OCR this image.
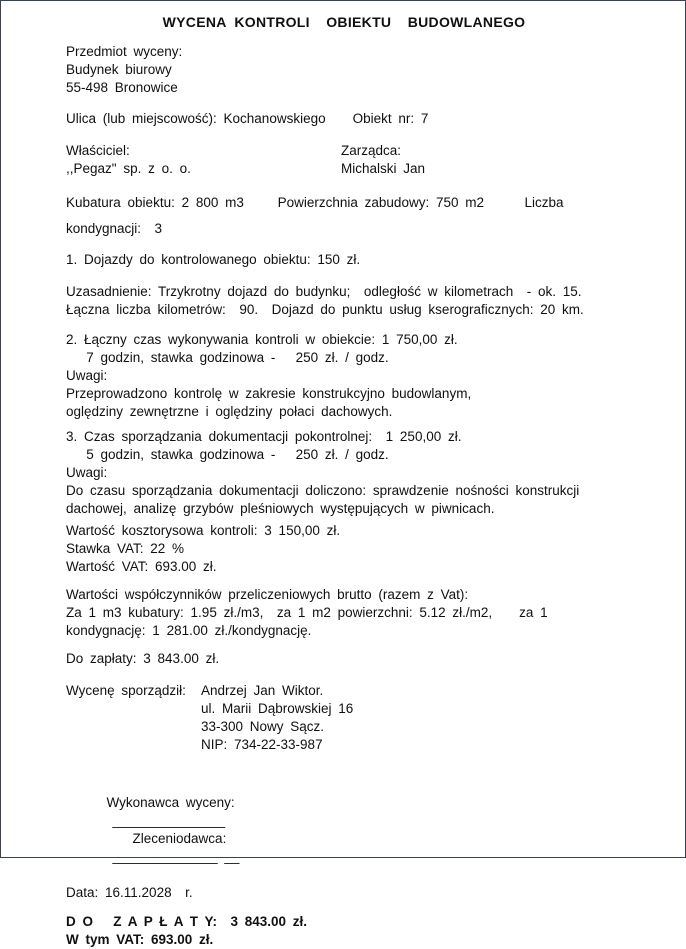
WYCENA KONTROLI  OBIEKTU  BUDOWLANEGO
Przedmiot wyceny:
Budynek biurowy
55-498 Bronowice
Ulica (lub miejscowość): Kochanowskiego    Obiekt nr: 7
Właściciel:
,,Pegaz" sp. z o. o.
Zarządca:
Michalski Jan
Kubatura obiektu: 2 800 m3     Powierzchnia zabudowy: 750 m2      Liczba
kondygnacji:  3
1. Dojazdy do kontrolowanego obiektu: 150 zł.
Uzasadnienie: Trzykrotny dojazd do budynku;  odległość w kilometrach  - ok. 15.
Łączna liczba kilometrów:  90.  Dojazd do punktu usług kserograficznych: 20 km.
2. Łączny czas wykonywania kontroli w obiekcie: 1 750,00 zł.
7 godzin, stawka godzinowa -   250 zł. / godz.
Uwagi:
Przeprowadzono kontrolę w zakresie konstrukcyjno budowlanym,
oględziny zewnętrzne i oględziny połaci dachowych.
3. Czas sporządzania dokumentacji pokontrolnej:  1 250,00 zł.
5 godzin, stawka godzinowa -   250 zł. / godz.
Uwagi:
Do czasu sporządzania dokumentacji doliczono: sprawdzenie nośności konstrukcji
dachowej, analizę grzybów pleśniowych występujących w piwnicach.
Wartość kosztorysowa kontroli: 3 150,00 zł.
Stawka VAT: 22 %
Wartość VAT: 693.00 zł.
Wartości współczynników przeliczeniowych brutto (razem z Vat):
Za 1 m3 kubatury: 1.95 zł./m3,  za 1 m2 powierzchni: 5.12 zł./m2,    za 1
kondygnację: 1 281.00 zł./kondygnację.
Do zapłaty: 3 843.00 zł.
Wycenę sporządził:	Andrzej Jan Wiktor.
ul. Marii Dąbrowskiej 16
33-300 Nowy Sącz.
NIP: 734-22-33-987

Wykonawca wyceny:
_______________
Zleceniodawca:
______________ __

Data: 16.11.2028  r.
D O   Z A P Ł A T Y:  3 843.00 zł.
W tym VAT: 693.00 zł.
